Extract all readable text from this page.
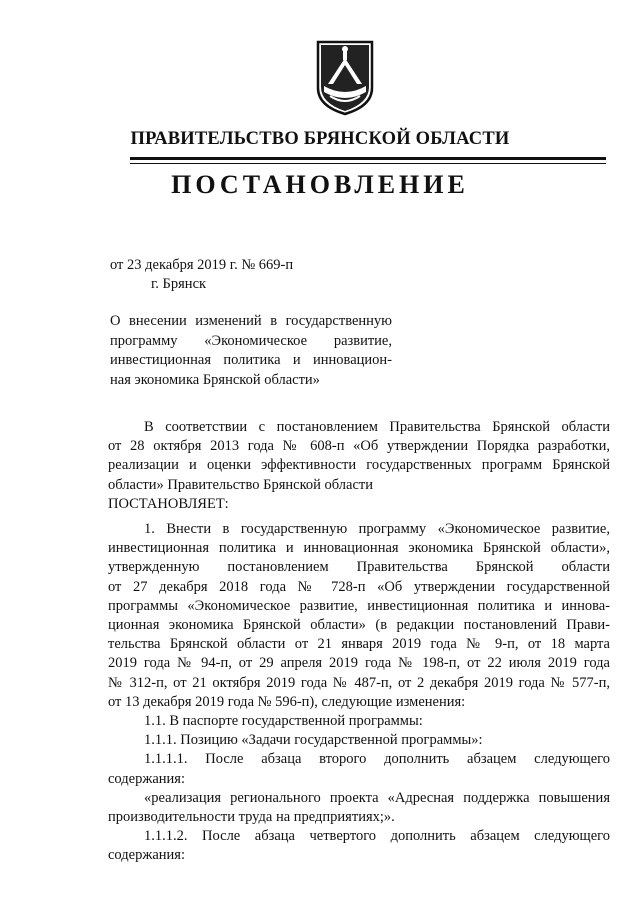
ПРАВИТЕЛЬСТВО БРЯНСКОЙ ОБЛАСТИ
ПОСТАНОВЛЕНИЕ
от 23 декабря 2019 г. № 669-п
г. Брянск
О внесении изменений в государственную
программу «Экономическое развитие,
инвестиционная политика и инновацион-
ная экономика Брянской области»
В соответствии с постановлением Правительства Брянской области
от 28 октября 2013 года № 608-п «Об утверждении Порядка разработки,
реализации и оценки эффективности государственных программ Брянской
области» Правительство Брянской области
ПОСТАНОВЛЯЕТ:
1. Внести в государственную программу «Экономическое развитие,
инвестиционная политика и инновационная экономика Брянской области»,
утвержденную постановлением Правительства Брянской области
от 27 декабря 2018 года № 728-п «Об утверждении государственной
программы «Экономическое развитие, инвестиционная политика и иннова-
ционная экономика Брянской области» (в редакции постановлений Прави-
тельства Брянской области от 21 января 2019 года № 9-п, от 18 марта
2019 года № 94-п, от 29 апреля 2019 года № 198-п, от 22 июля 2019 года
№ 312-п, от 21 октября 2019 года № 487-п, от 2 декабря 2019 года № 577-п,
от 13 декабря 2019 года № 596-п), следующие изменения:
1.1. В паспорте государственной программы:
1.1.1. Позицию «Задачи государственной программы»:
1.1.1.1. После абзаца второго дополнить абзацем следующего
содержания:
«реализация регионального проекта «Адресная поддержка повышения
производительности труда на предприятиях;».
1.1.1.2. После абзаца четвертого дополнить абзацем следующего
содержания:
